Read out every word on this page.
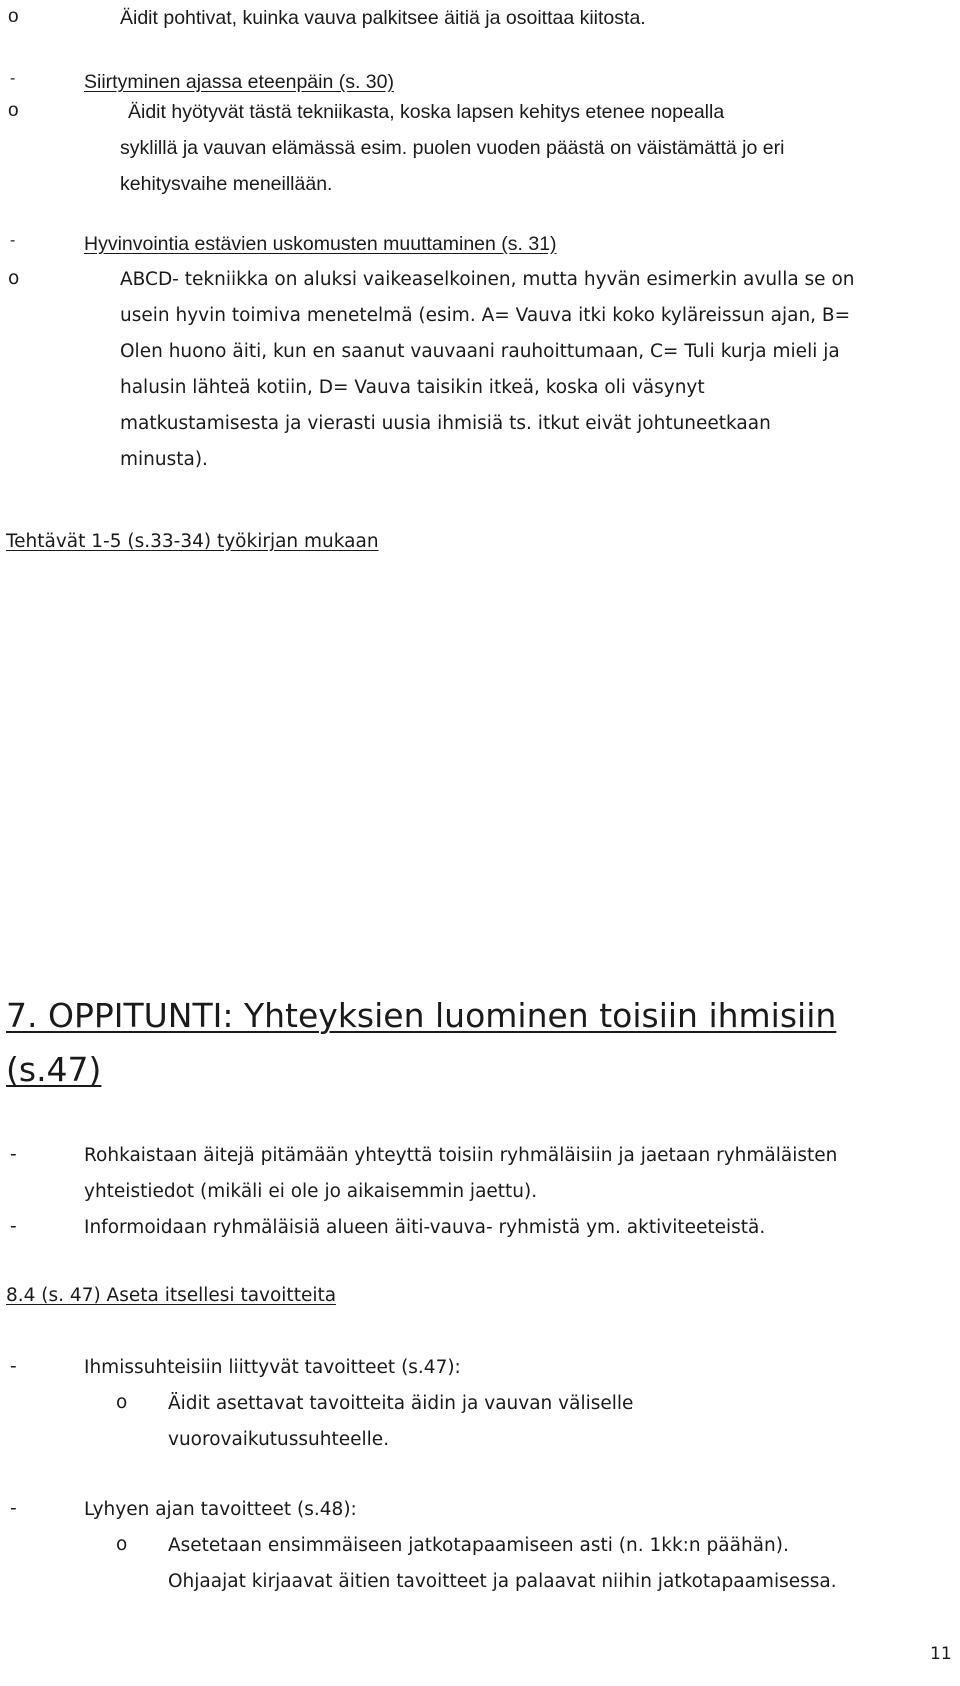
o	Äidit pohtivat, kuinka vauva palkitsee äitiä ja osoittaa kiitosta.
-	Siirtyminen ajassa eteenpäin (s. 30)
o	Äidit hyötyvät tästä tekniikasta, koska lapsen kehitys etenee nopealla
syklillä ja vauvan elämässä esim. puolen vuoden päästä on väistämättä jo eri
kehitysvaihe meneillään.
-	Hyvinvointia estävien uskomusten muuttaminen (s. 31)
o	ABCD- tekniikka on aluksi vaikeaselkoinen, mutta hyvän esimerkin avulla se on
usein hyvin toimiva menetelmä (esim. A= Vauva itki koko kyläreissun ajan, B=
Olen huono äiti, kun en saanut vauvaani rauhoittumaan, C= Tuli kurja mieli ja
halusin lähteä kotiin, D= Vauva taisikin itkeä, koska oli väsynyt
matkustamisesta ja vierasti uusia ihmisiä ts. itkut eivät johtuneetkaan
minusta).
Tehtävät 1-5 (s.33-34) työkirjan mukaan
7. OPPITUNTI: Yhteyksien luominen toisiin ihmisiin
(s.47)
-	Rohkaistaan äitejä pitämään yhteyttä toisiin ryhmäläisiin ja jaetaan ryhmäläisten
yhteistiedot (mikäli ei ole jo aikaisemmin jaettu).
-	Informoidaan ryhmäläisiä alueen äiti-vauva- ryhmistä ym. aktiviteeteistä.
8.4 (s. 47) Aseta itsellesi tavoitteita
-	Ihmissuhteisiin liittyvät tavoitteet (s.47):
o Äidit asettavat tavoitteita äidin ja vauvan väliselle
vuorovaikutussuhteelle.
-	Lyhyen ajan tavoitteet (s.48):
o Asetetaan ensimmäiseen jatkotapaamiseen asti (n. 1kk:n päähän).
Ohjaajat kirjaavat äitien tavoitteet ja palaavat niihin jatkotapaamisessa.
11
